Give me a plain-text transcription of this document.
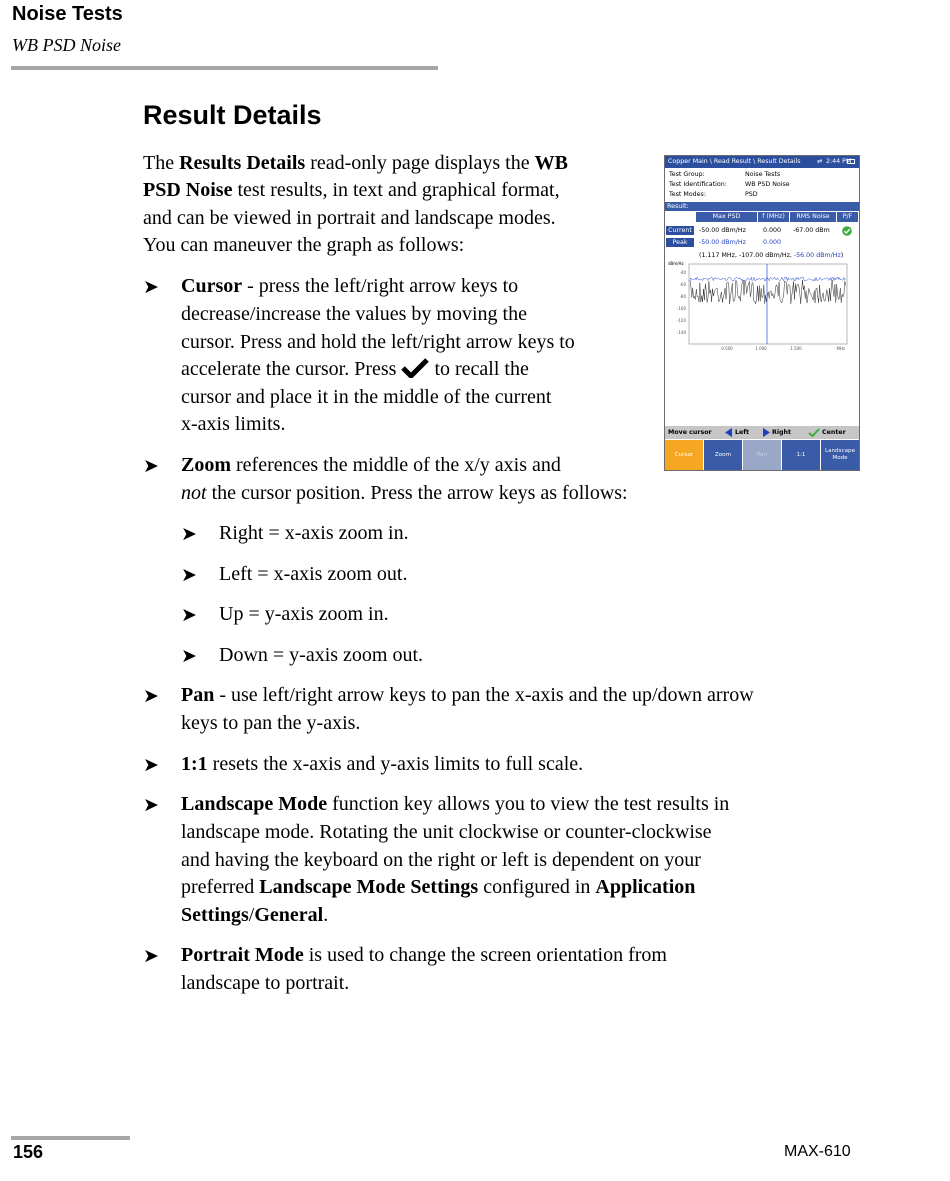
Noise Tests
WB PSD Noise
Result Details
The Results Details read-only page displays the WB
PSD Noise test results, in text and graphical format,
and can be viewed in portrait and landscape modes.
You can maneuver the graph as follows:
➤ Cursor - press the left/right arrow keys to
decrease/increase the values by moving the
cursor. Press and hold the left/right arrow keys to
accelerate the cursor. Press  to recall the
cursor and place it in the middle of the current
x-axis limits.
➤ Zoom references the middle of the x/y axis and
not the cursor position. Press the arrow keys as follows:
➤ Right = x-axis zoom in.
➤ Left = x-axis zoom out.
➤ Up = y-axis zoom in.
➤ Down = y-axis zoom out.
➤ Pan - use left/right arrow keys to pan the x-axis and the up/down arrow
keys to pan the y-axis.
➤ 1:1 resets the x-axis and y-axis limits to full scale.
➤ Landscape Mode function key allows you to view the test results in
landscape mode. Rotating the unit clockwise or counter-clockwise
and having the keyboard on the right or left is dependent on your
preferred Landscape Mode Settings configured in Application
Settings/General.
➤ Portrait Mode is used to change the screen orientation from
landscape to portrait.
Copper Main \ Read Result \ Result Details	⇄ 2:44 PM
Test Group:	Noise Tests
Test Identification:	WB PSD Noise
Test Modes:	PSD
Result:
Max PSD	f (MHz)	RMS Noise	P/F
Current	-50.00 dBm/Hz	0.000 -67.00 dBm
Peak	-50.00 dBm/Hz	0.000
(1.117 MHz, -107.00 dBm/Hz, -56.00 dBm/Hz)
dBm/Hz
-40
-60
-80
-100
-120
-140
0.500	1.000	1.500	MHz
Move cursor	Left	Right	Center
Cursor	Zoom	Pan	1:1
Landscape Mode
156	MAX-610
